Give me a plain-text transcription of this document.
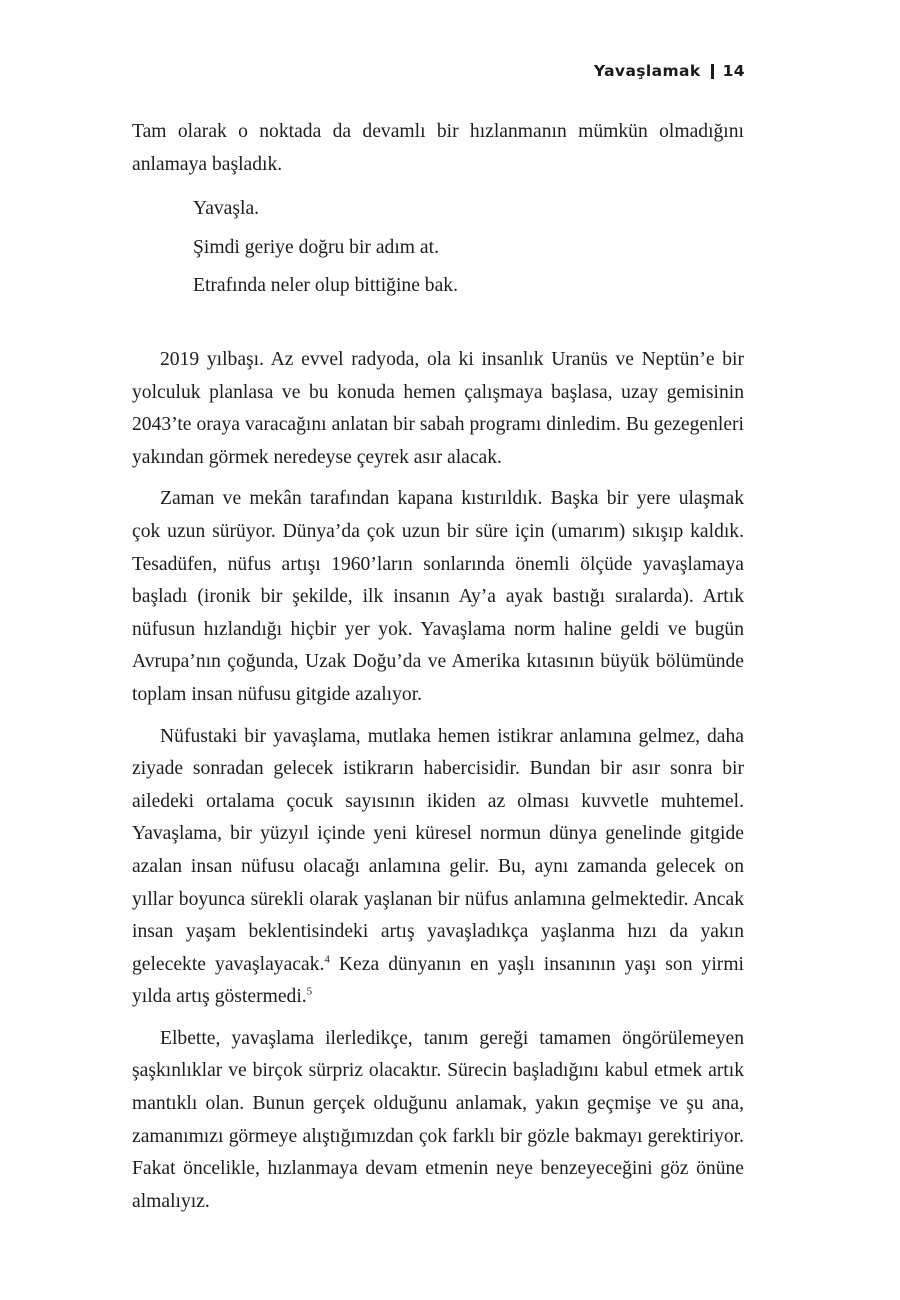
Yavaşlamak 14

Tam olarak o noktada da devamlı bir hızlanmanın mümkün olmadığını anlamaya başladık.

Yavaşla.
Şimdi geriye doğru bir adım at.
Etrafında neler olup bittiğine bak.

2019 yılbaşı. Az evvel radyoda, ola ki insanlık Uranüs ve Neptün’e bir yolculuk planlasa ve bu konuda hemen çalışmaya başlasa, uzay gemisinin 2043’te oraya varacağını anlatan bir sabah programı dinledim. Bu gezegenleri yakından görmek neredeyse çeyrek asır alacak.

Zaman ve mekân tarafından kapana kıstırıldık. Başka bir yere ulaşmak çok uzun sürüyor. Dünya’da çok uzun bir süre için (umarım) sıkışıp kaldık. Tesadüfen, nüfus artışı 1960’ların sonlarında önemli ölçüde yavaşlamaya başladı (ironik bir şekilde, ilk insanın Ay’a ayak bastığı sıralarda). Artık nüfusun hızlandığı hiçbir yer yok. Yavaşlama norm haline geldi ve bugün Avrupa’nın çoğunda, Uzak Doğu’da ve Amerika kıtasının büyük bölümünde toplam insan nüfusu gitgide azalıyor.

Nüfustaki bir yavaşlama, mutlaka hemen istikrar anlamına gelmez, daha ziyade sonradan gelecek istikrarın habercisidir. Bundan bir asır sonra bir ailedeki ortalama çocuk sayısının ikiden az olması kuvvetle muhtemel. Yavaşlama, bir yüzyıl içinde yeni küresel normun dünya genelinde gitgide azalan insan nüfusu olacağı anlamına gelir. Bu, aynı zamanda gelecek on yıllar boyunca sürekli olarak yaşlanan bir nüfus anlamına gelmektedir. Ancak insan yaşam beklentisindeki artış yavaşladıkça yaşlanma hızı da yakın gelecekte yavaşlayacak.$^4$ Keza dünyanın en yaşlı insanının yaşı son yirmi yılda artış göstermedi.$^5$

Elbette, yavaşlama ilerledikçe, tanım gereği tamamen öngörülemeyen şaşkınlıklar ve birçok sürpriz olacaktır. Sürecin başladığını kabul etmek artık mantıklı olan. Bunun gerçek olduğunu anlamak, yakın geçmişe ve şu ana, zamanımızı görmeye alıştığımızdan çok farklı bir gözle bakmayı gerektiriyor. Fakat öncelikle, hızlanmaya devam etmenin neye benzeyeceğini göz önüne almalıyız.
